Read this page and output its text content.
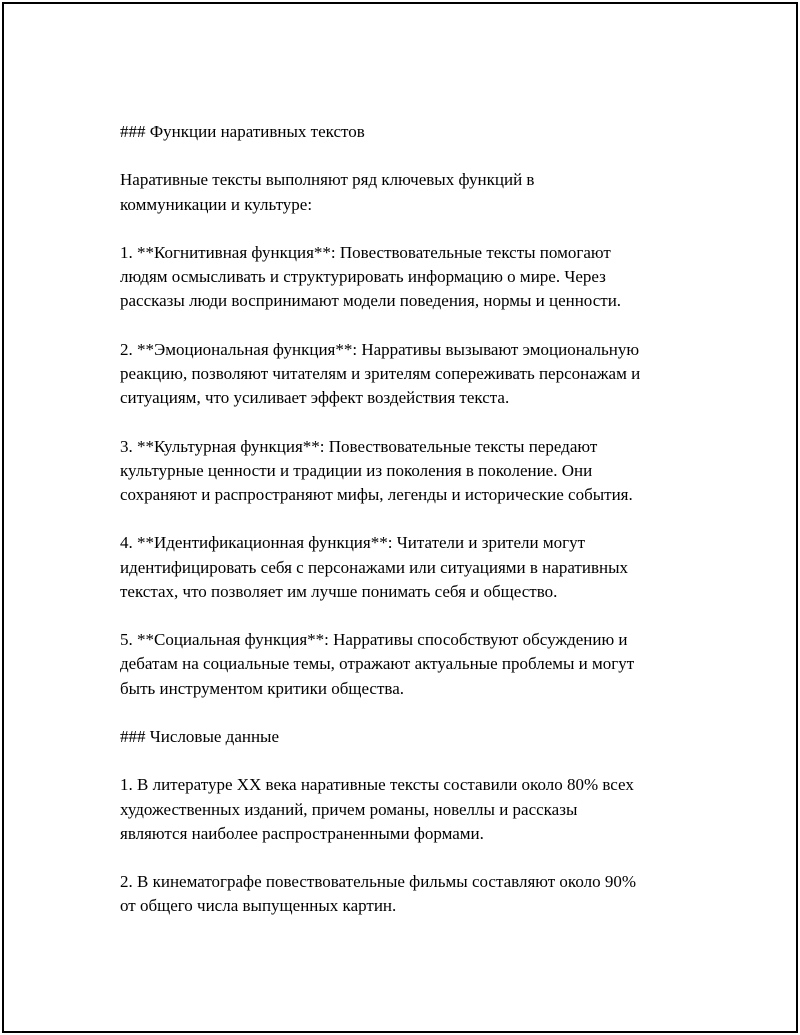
### Функции наративных текстов

Наративные тексты выполняют ряд ключевых функций в
коммуникации и культуре:

1. **Когнитивная функция**: Повествовательные тексты помогают
людям осмысливать и структурировать информацию о мире. Через
рассказы люди воспринимают модели поведения, нормы и ценности.

2. **Эмоциональная функция**: Нарративы вызывают эмоциональную
реакцию, позволяют читателям и зрителям сопереживать персонажам и
ситуациям, что усиливает эффект воздействия текста.

3. **Культурная функция**: Повествовательные тексты передают
культурные ценности и традиции из поколения в поколение. Они
сохраняют и распространяют мифы, легенды и исторические события.

4. **Идентификационная функция**: Читатели и зрители могут
идентифицировать себя с персонажами или ситуациями в наративных
текстах, что позволяет им лучше понимать себя и общество.

5. **Социальная функция**: Нарративы способствуют обсуждению и
дебатам на социальные темы, отражают актуальные проблемы и могут
быть инструментом критики общества.

### Числовые данные

1. В литературе XX века наративные тексты составили около 80% всех
художественных изданий, причем романы, новеллы и рассказы
являются наиболее распространенными формами.

2. В кинематографе повествовательные фильмы составляют около 90%
от общего числа выпущенных картин.
